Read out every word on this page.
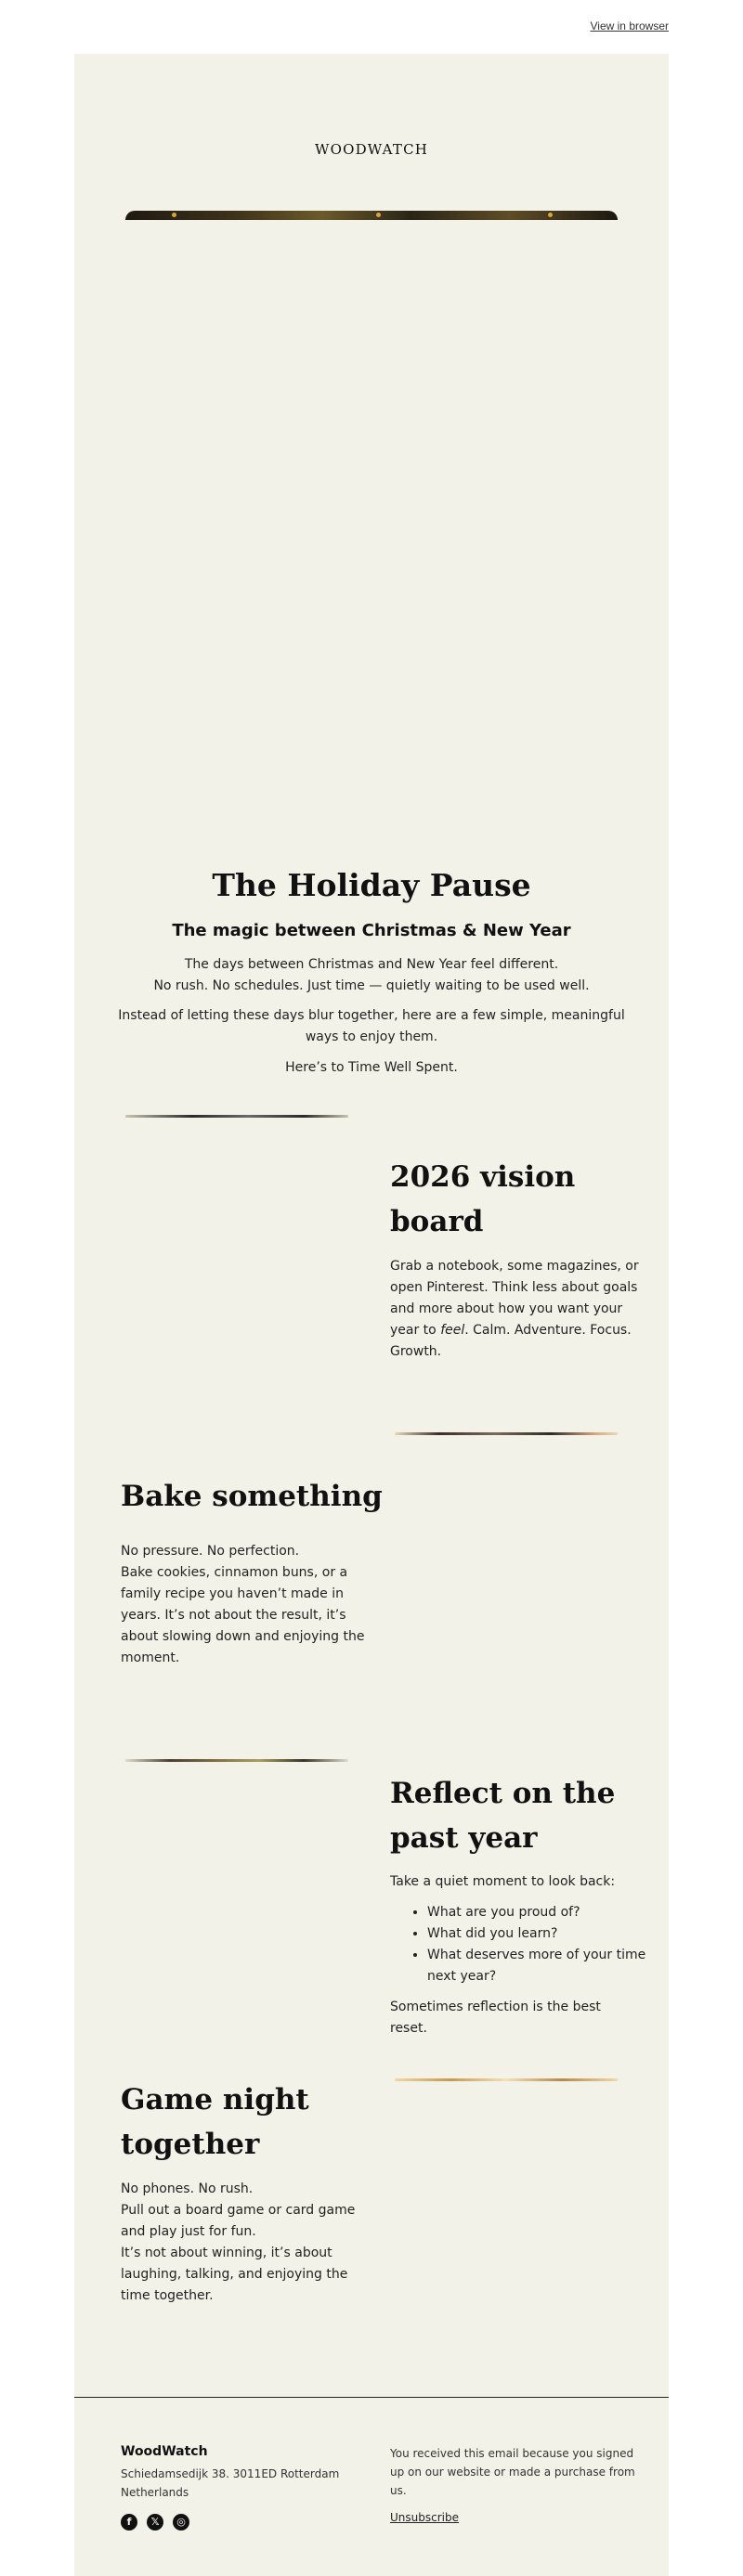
View in browser
WOODWATCH
The Holiday Pause
The magic between Christmas & New Year
The days between Christmas and New Year feel different.
No rush. No schedules. Just time — quietly waiting to be used well.
Instead of letting these days blur together, here are a few simple, meaningful ways to enjoy them.
Here’s to Time Well Spent.
2026 vision board
Grab a notebook, some magazines, or open Pinterest. Think less about goals and more about how you want your year to feel. Calm. Adventure. Focus. Growth.
Bake something
No pressure. No perfection.
Bake cookies, cinnamon buns, or a family recipe you haven’t made in years. It’s not about the result, it’s about slowing down and enjoying the moment.
Reflect on the past year
Take a quiet moment to look back:
• What are you proud of?
• What did you learn?
• What deserves more of your time next year?
Sometimes reflection is the best reset.
Game night together
No phones. No rush.
Pull out a board game or card game and play just for fun.
It’s not about winning, it’s about laughing, talking, and enjoying the time together.
WoodWatch
Schiedamsedijk 38. 3011ED Rotterdam Netherlands
f	𝕏	◎
You received this email because you signed up on our website or made a purchase from us.
Unsubscribe
